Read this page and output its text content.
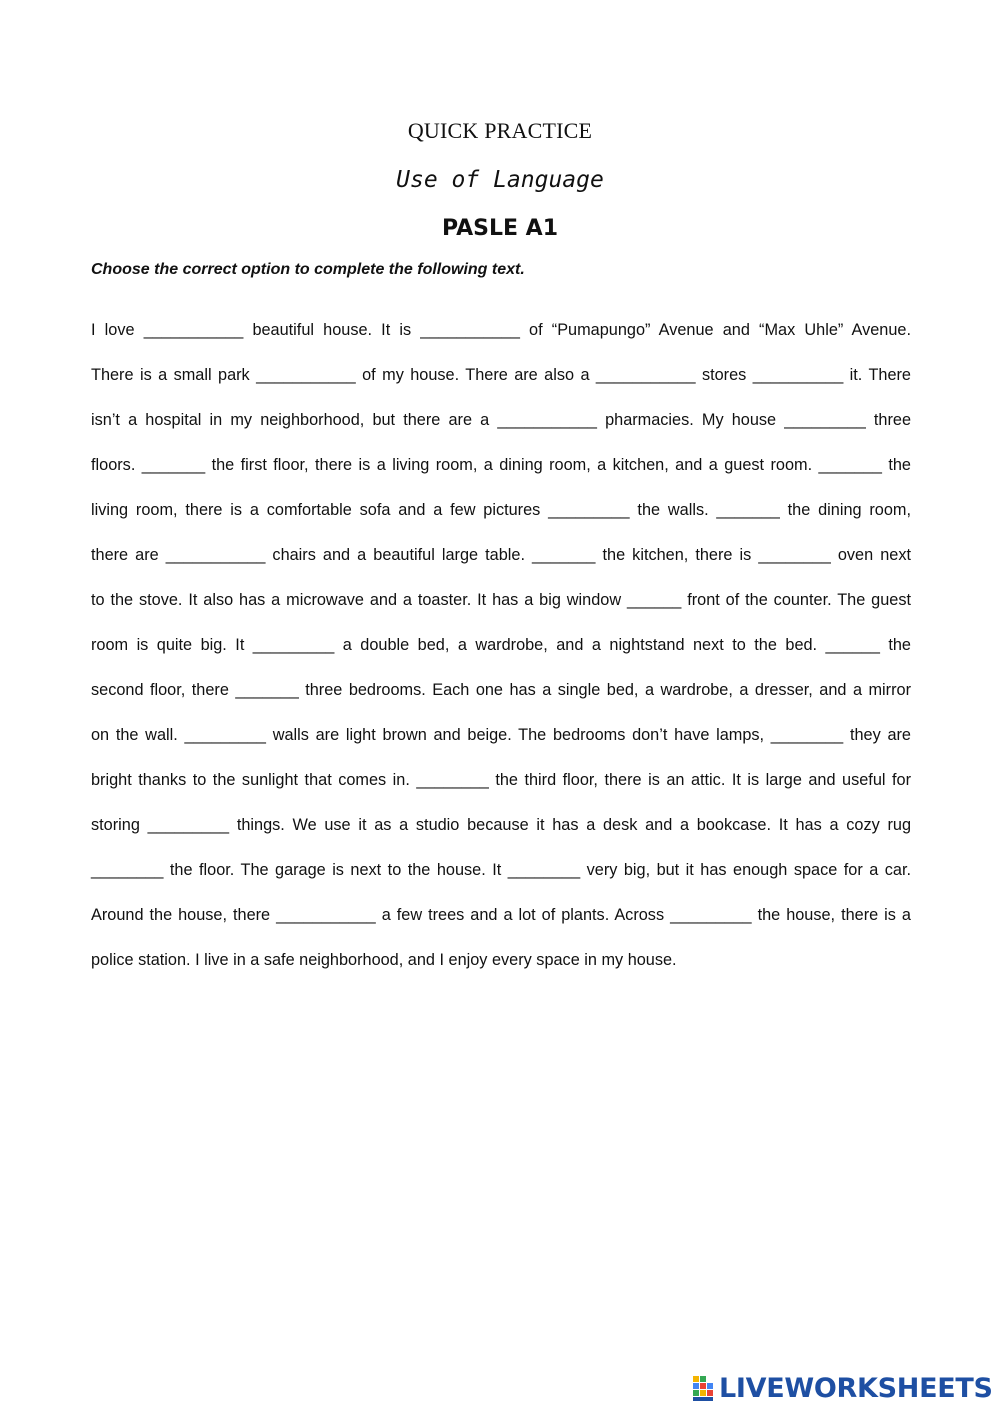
QUICK PRACTICE
Use of Language
PASLE A1
Choose the correct option to complete the following text.
I love ___________ beautiful house. It is ___________ of “Pumapungo” Avenue and “Max Uhle” Avenue.
There is a small park ___________ of my house. There are also a ___________ stores __________ it. There
isn’t a hospital in my neighborhood, but there are a ___________ pharmacies. My house _________ three
floors. _______ the first floor, there is a living room, a dining room, a kitchen, and a guest room. _______ the
living room, there is a comfortable sofa and a few pictures _________ the walls. _______ the dining room,
there are ___________ chairs and a beautiful large table. _______ the kitchen, there is ________ oven next
to the stove. It also has a microwave and a toaster. It has a big window ______ front of the counter. The guest
room is quite big. It _________ a double bed, a wardrobe, and a nightstand next to the bed. ______ the
second floor, there _______ three bedrooms. Each one has a single bed, a wardrobe, a dresser, and a mirror
on the wall. _________ walls are light brown and beige. The bedrooms don’t have lamps, ________ they are
bright thanks to the sunlight that comes in. ________ the third floor, there is an attic. It is large and useful for
storing _________ things. We use it as a studio because it has a desk and a bookcase. It has a cozy rug
________ the floor. The garage is next to the house. It ________ very big, but it has enough space for a car.
Around the house, there ___________ a few trees and a lot of plants. Across _________ the house, there is a
police station. I live in a safe neighborhood, and I enjoy every space in my house.
LIVEWORKSHEETS
